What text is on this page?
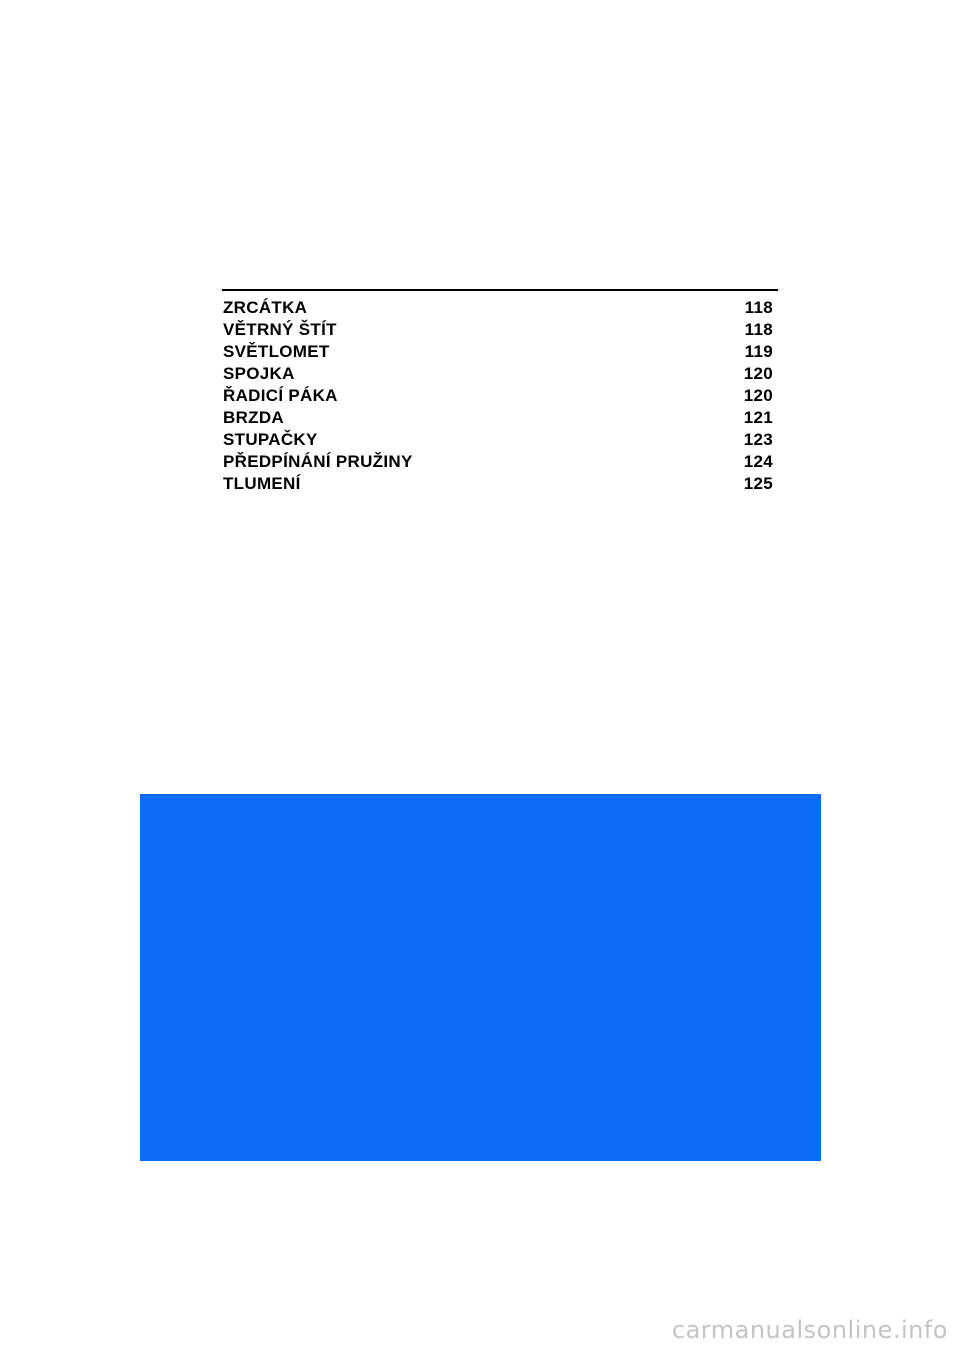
ZRCÁTKA	118
VĚTRNÝ ŠTÍT	118
SVĚTLOMET	119
SPOJKA	120
ŘADICÍ PÁKA	120
BRZDA	121
STUPAČKY	123
PŘEDPÍNÁNÍ PRUŽINY	124
TLUMENÍ	125
carmanualsonline.info
